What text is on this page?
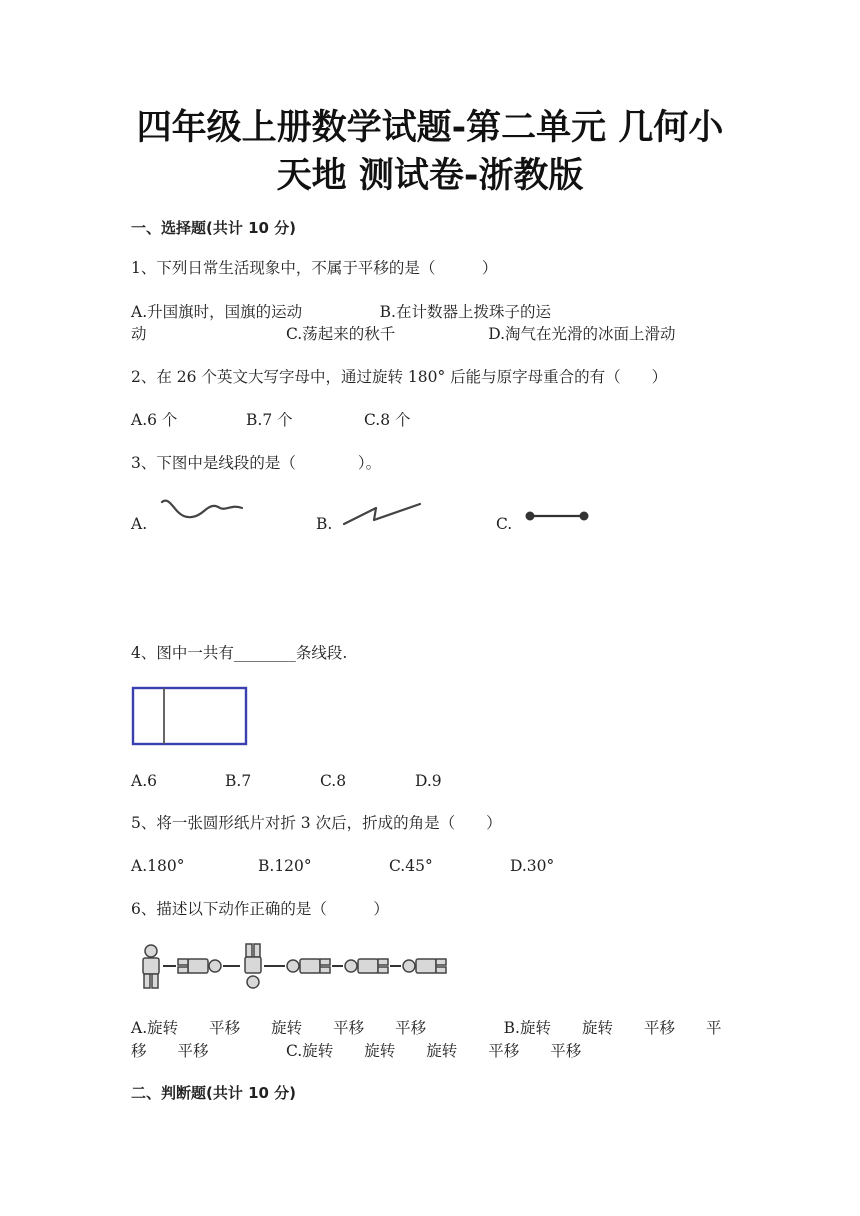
四年级上册数学试题-第二单元 几何小
天地 测试卷-浙教版
一、选择题(共计 10 分)
1、下列日常生活现象中，不属于平移的是（　　　）
A.升国旗时，国旗的运动　　　　　B.在计数器上拨珠子的运
动　　　　　　　　　C.荡起来的秋千　　　　　　D.淘气在光滑的冰面上滑动
2、在 26 个英文大写字母中，通过旋转 180° 后能与原字母重合的有（　　）
A.6 个	B.7 个	C.8 个
3、下图中是线段的是（　　　　）。
A.	B.	C.
4、图中一共有________条线段.
A.6	B.7	C.8	D.9
5、将一张圆形纸片对折 3 次后，折成的角是（　　）
A.180°	B.120°	C.45°	D.30°
6、描述以下动作正确的是（　　　）
A.旋转　　平移　　旋转　　平移　　平移　　　　　B.旋转　　旋转　　平移　　平
移　　平移　　　　　C.旋转　　旋转　　旋转　　平移　　平移
二、判断题(共计 10 分)
